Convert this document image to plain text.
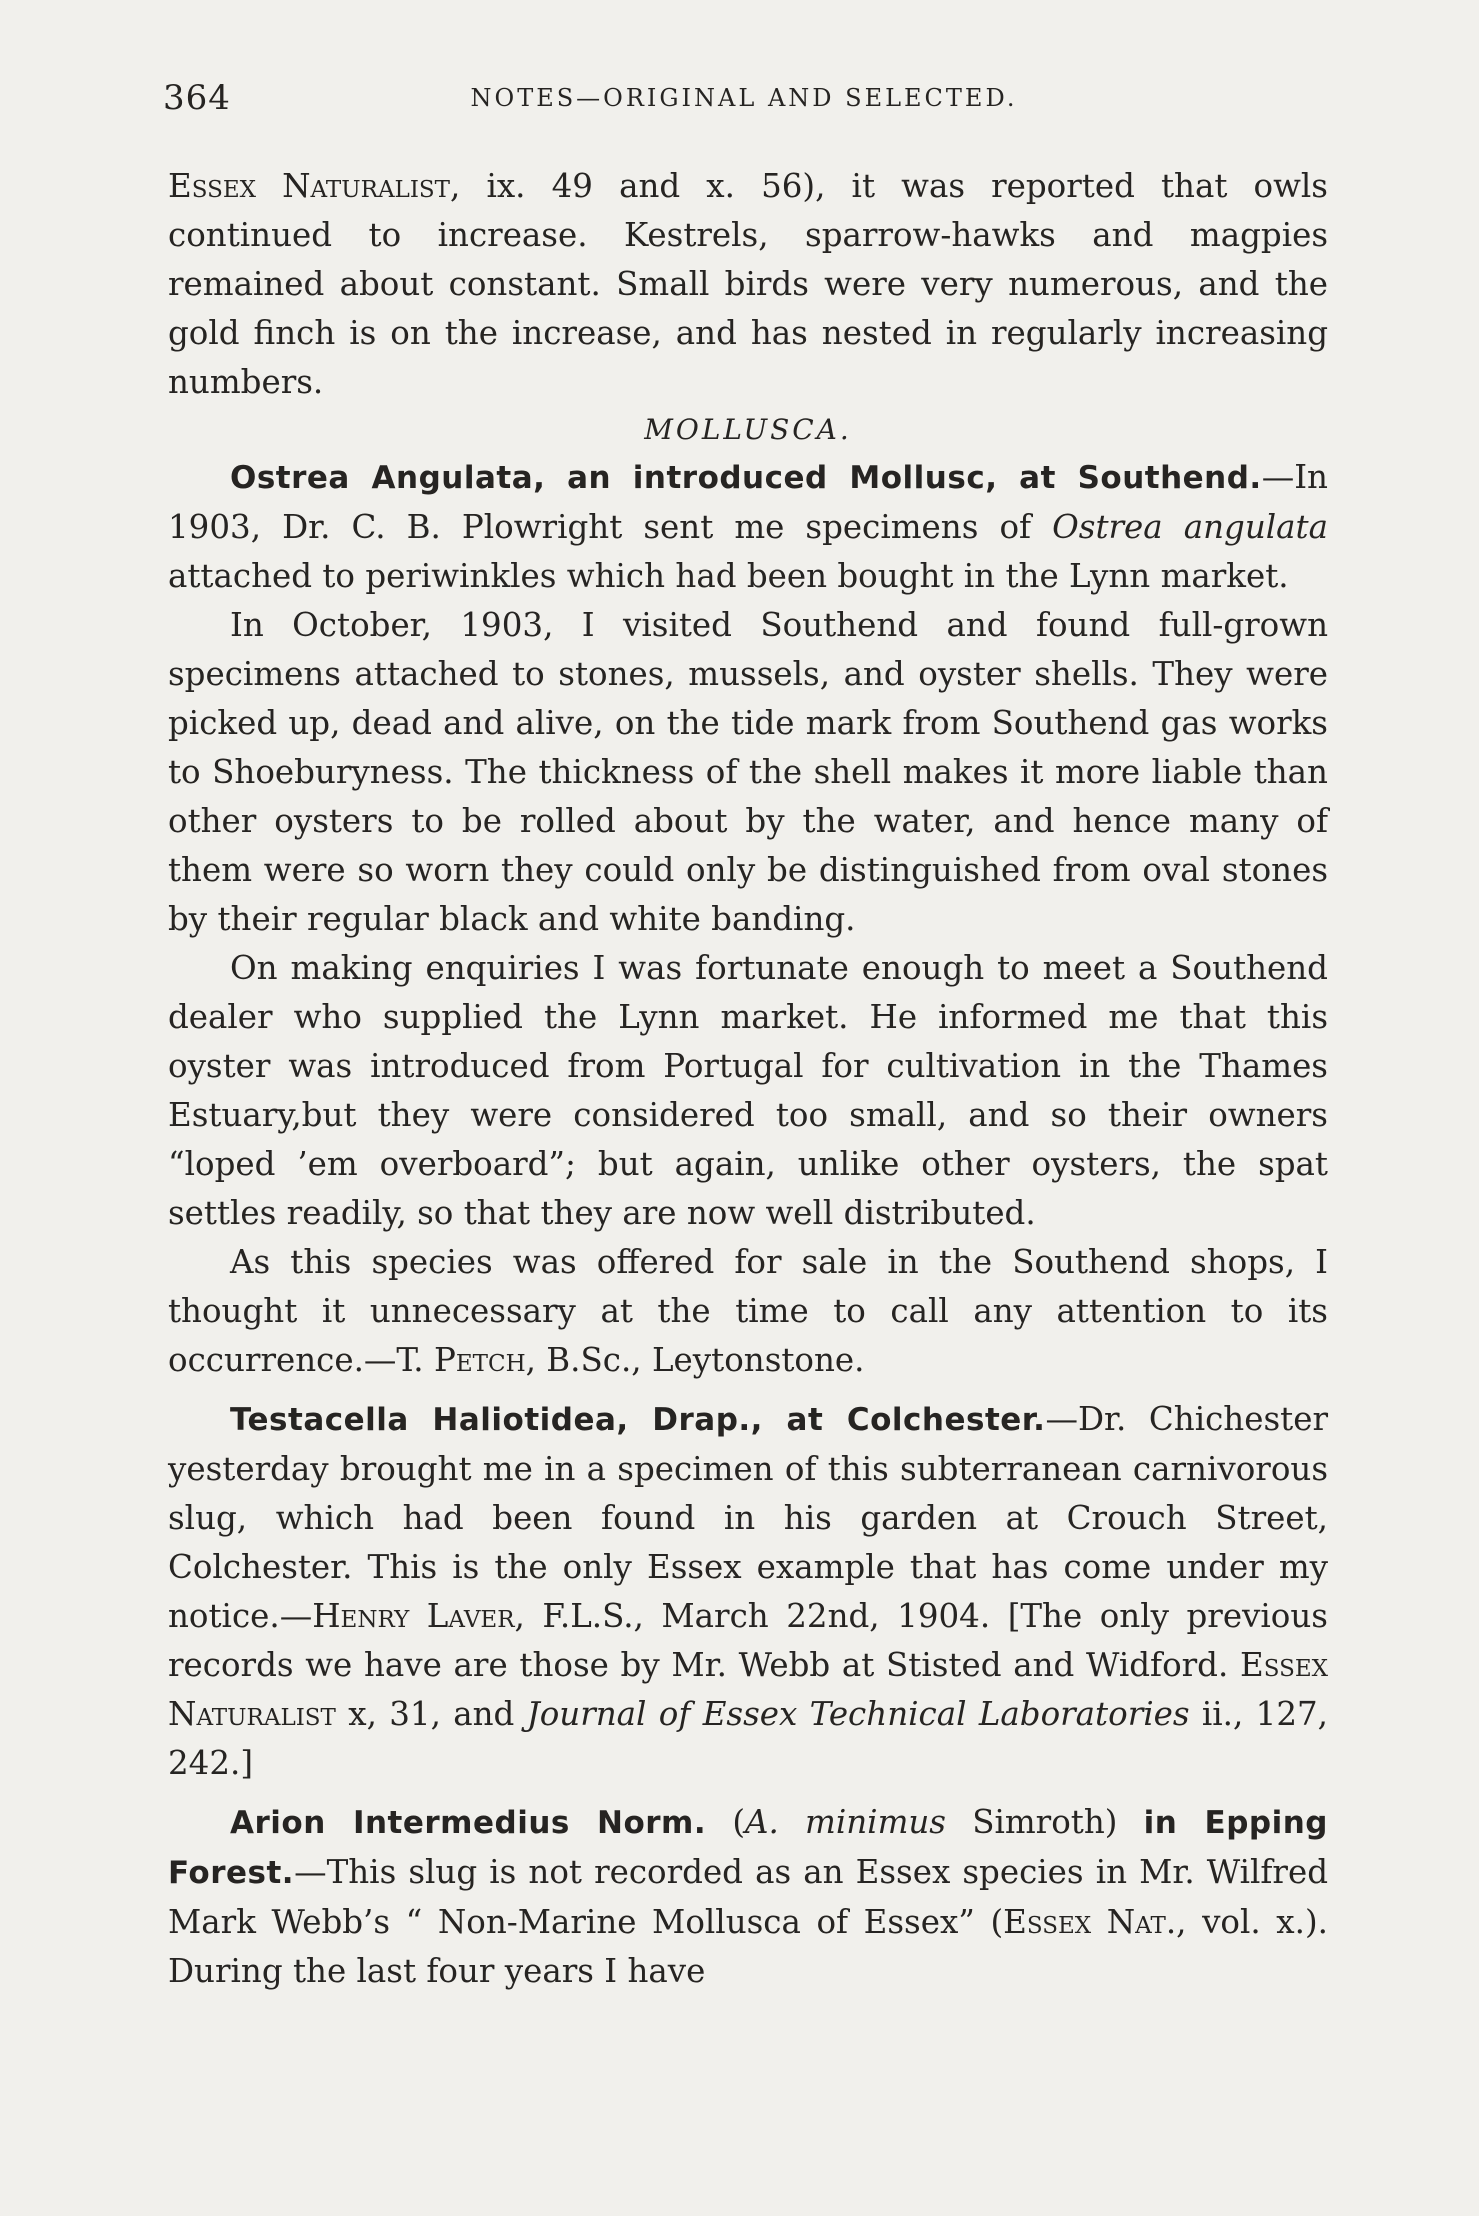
364	NOTES—ORIGINAL AND SELECTED.

Essex Naturalist, ix. 49 and x. 56), it was reported that owls continued to increase. Kestrels, sparrow-hawks and magpies remained about constant. Small birds were very numerous, and the gold finch is on the increase, and has nested in regularly increasing numbers.

MOLLUSCA.

Ostrea Angulata, an introduced Mollusc, at Southend.—In 1903, Dr. C. B. Plowright sent me specimens of Ostrea angulata attached to periwinkles which had been bought in the Lynn market.

In October, 1903, I visited Southend and found full-grown specimens attached to stones, mussels, and oyster shells. They were picked up, dead and alive, on the tide mark from Southend gas works to Shoeburyness. The thickness of the shell makes it more liable than other oysters to be rolled about by the water, and hence many of them were so worn they could only be distinguished from oval stones by their regular black and white banding.

On making enquiries I was fortunate enough to meet a Southend dealer who supplied the Lynn market. He informed me that this oyster was introduced from Portugal for cultivation in the Thames Estuary,but they were considered too small, and so their owners “loped ’em overboard”; but again, unlike other oysters, the spat settles readily, so that they are now well distributed.

As this species was offered for sale in the Southend shops, I thought it unnecessary at the time to call any attention to its occurrence.—T. Petch, B.Sc., Leytonstone.

Testacella Haliotidea, Drap., at Colchester.—Dr. Chichester yesterday brought me in a specimen of this subterranean carnivorous slug, which had been found in his garden at Crouch Street, Colchester. This is the only Essex example that has come under my notice.—Henry Laver, F.L.S., March 22nd, 1904. [The only previous records we have are those by Mr. Webb at Stisted and Widford. Essex Naturalist x, 31, and Journal of Essex Technical Laboratories ii., 127, 242.]

Arion Intermedius Norm. (A. minimus Simroth) in Epping Forest.—This slug is not recorded as an Essex species in Mr. Wilfred Mark Webb’s “ Non-Marine Mollusca of Essex” (Essex Nat., vol. x.). During the last four years I have
